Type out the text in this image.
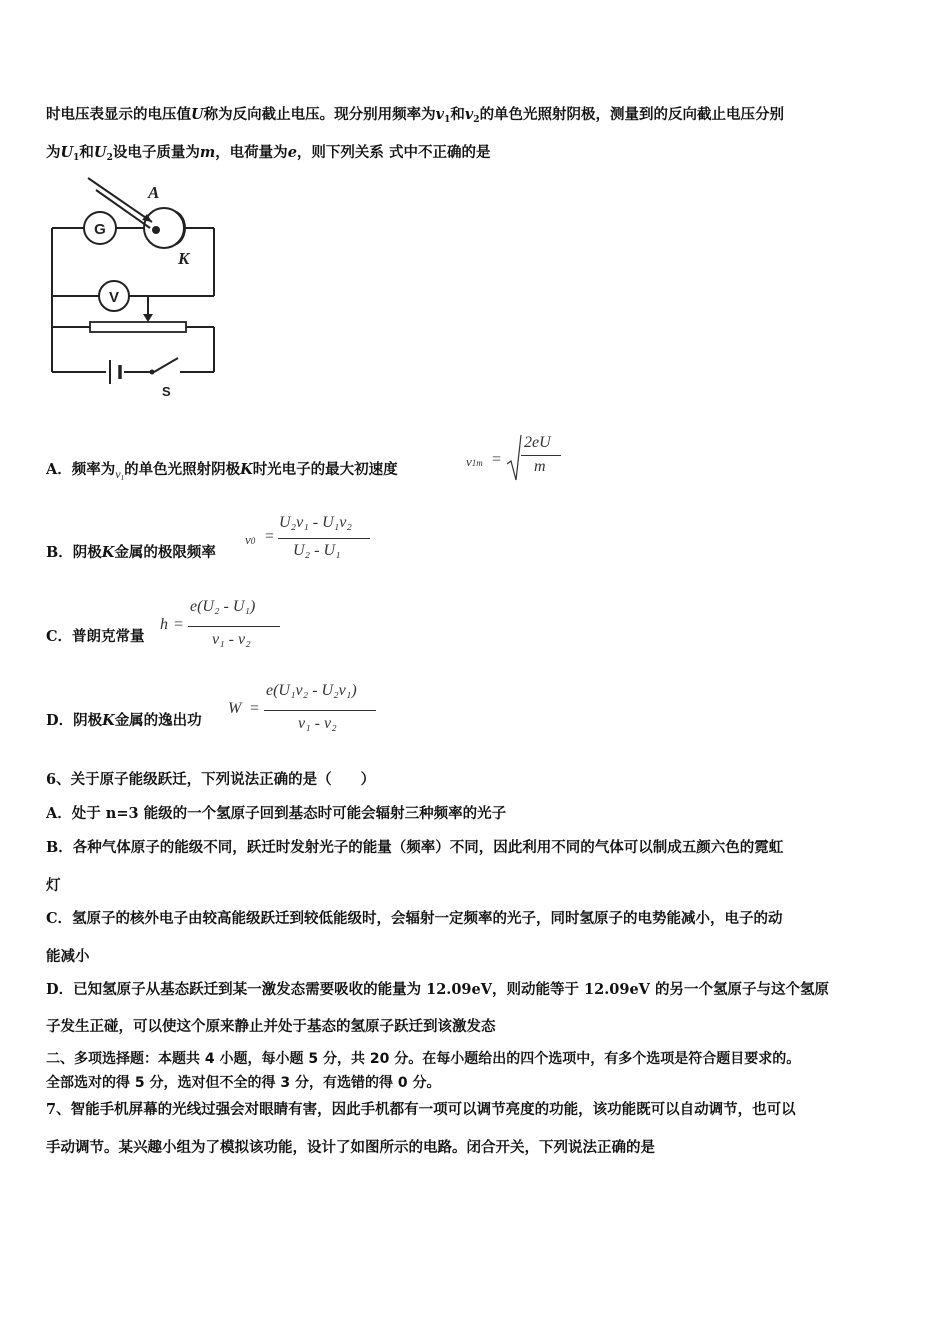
时电压表显示的电压值U称为反向截止电压。现分别用频率为$v_1$和$v_2$的单色光照射阴极，测量到的反向截止电压分别
为$U_1$和$U_2$设电子质量为m，电荷量为e，则下列关系 式中不正确的是
G
V
A
K
S
A．频率为$_{v1}$的单色光照射阴极K时光电子的最大初速度	v1m =
2eU
m
B．阴极K金属的极限频率
v0 =
U₂v₁ - U₁v₂
U₂ - U₁
C．普朗克常量
h =
e(U₂ - U₁)
v₁ - v₂
D．阴极K金属的逸出功
W =
e(U₁v₂ - U₂v₁)
v₁ - v₂
6、关于原子能级跃迁，下列说法正确的是（　　）
A．处于 n=3 能级的一个氢原子回到基态时可能会辐射三种频率的光子
B．各种气体原子的能级不同，跃迁时发射光子的能量（频率）不同，因此利用不同的气体可以制成五颜六色的霓虹
灯
C．氢原子的核外电子由较高能级跃迁到较低能级时，会辐射一定频率的光子，同时氢原子的电势能减小，电子的动
能减小
D．已知氢原子从基态跃迁到某一激发态需要吸收的能量为 12.09eV，则动能等于 12.09eV 的另一个氢原子与这个氢原
子发生正碰，可以使这个原来静止并处于基态的氢原子跃迁到该激发态
二、多项选择题：本题共 4 小题，每小题 5 分，共 20 分。在每小题给出的四个选项中，有多个选项是符合题目要求的。
全部选对的得 5 分，选对但不全的得 3 分，有选错的得 0 分。
7、智能手机屏幕的光线过强会对眼睛有害，因此手机都有一项可以调节亮度的功能，该功能既可以自动调节，也可以
手动调节。某兴趣小组为了模拟该功能，设计了如图所示的电路。闭合开关，下列说法正确的是
